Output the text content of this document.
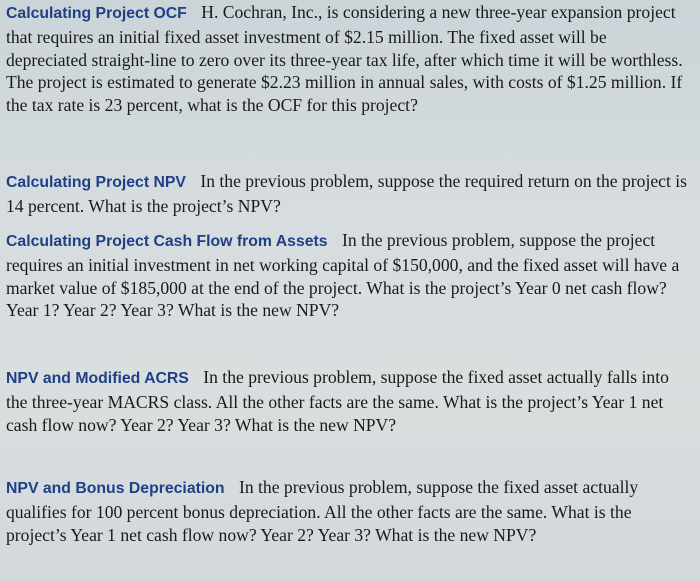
Calculating Project OCF H. Cochran, Inc., is considering a new three-year expansion project that requires an initial fixed asset investment of $2.15 million. The fixed asset will be depreciated straight-line to zero over its three-year tax life, after which time it will be worthless. The project is estimated to generate $2.23 million in annual sales, with costs of $1.25 million. If the tax rate is 23 percent, what is the OCF for this project?
Calculating Project NPV In the previous problem, suppose the required return on the project is 14 percent. What is the project’s NPV?
Calculating Project Cash Flow from Assets In the previous problem, suppose the project requires an initial investment in net working capital of $150,000, and the fixed asset will have a market value of $185,000 at the end of the project. What is the project’s Year 0 net cash flow? Year 1? Year 2? Year 3? What is the new NPV?
NPV and Modified ACRS In the previous problem, suppose the fixed asset actually falls into the three-year MACRS class. All the other facts are the same. What is the project’s Year 1 net cash flow now? Year 2? Year 3? What is the new NPV?
NPV and Bonus Depreciation In the previous problem, suppose the fixed asset actually qualifies for 100 percent bonus depreciation. All the other facts are the same. What is the project’s Year 1 net cash flow now? Year 2? Year 3? What is the new NPV?
